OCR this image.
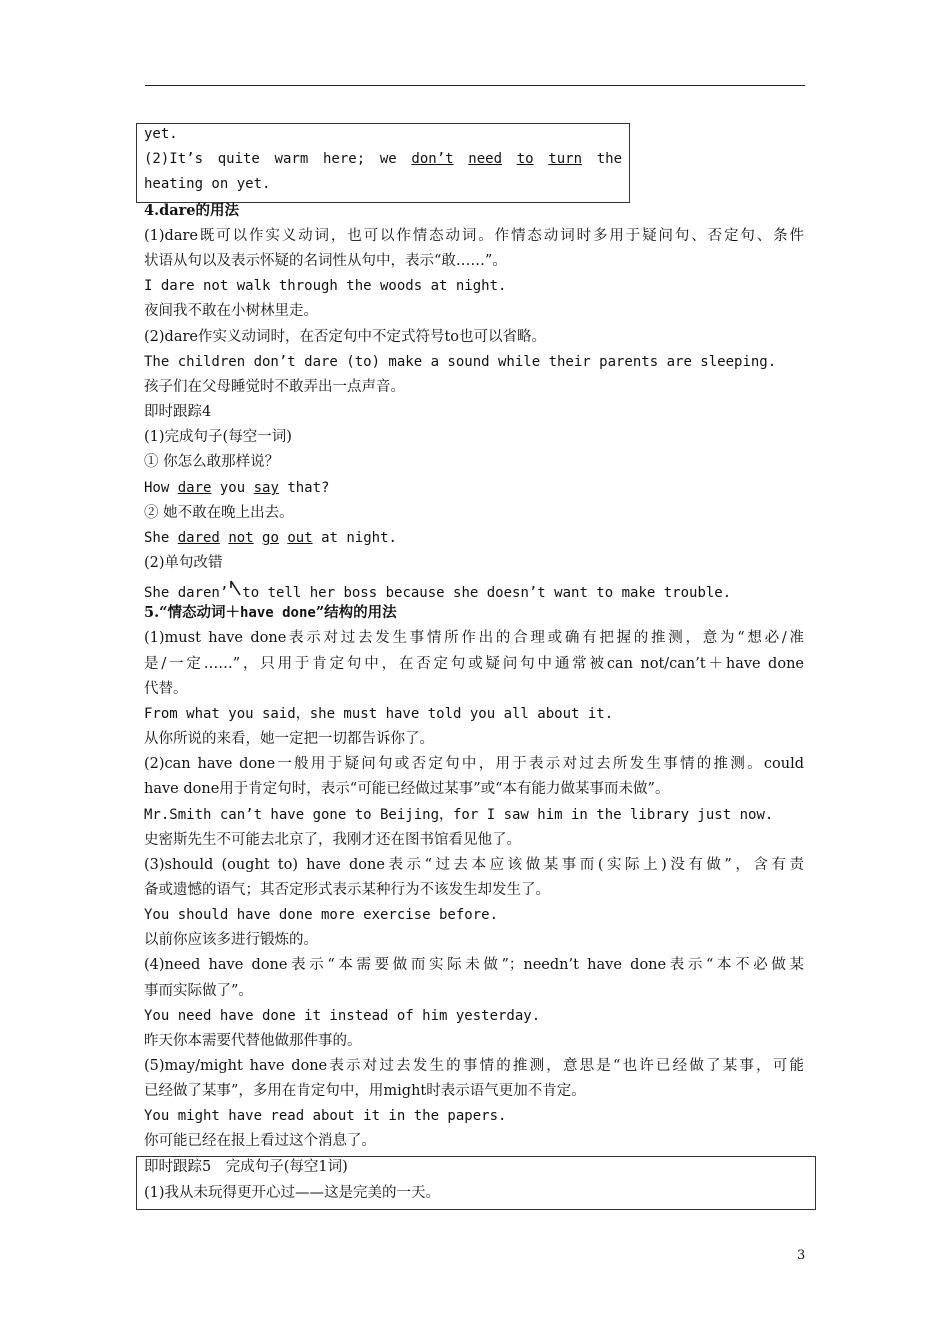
yet.
(2)It’s quite warm here; we don’t need to turn the
heating on yet.
4.dare的用法
(1)dare既可以作实义动词，也可以作情态动词。作情态动词时多用于疑问句、否定句、条件
状语从句以及表示怀疑的名词性从句中，表示“敢……”。
I dare not walk through the woods at night.
夜间我不敢在小树林里走。
(2)dare作实义动词时，在否定句中不定式符号to也可以省略。
The children don’t dare (to) make a sound while their parents are sleeping.
孩子们在父母睡觉时不敢弄出一点声音。
即时跟踪4
(1)完成句子(每空一词)
① 你怎么敢那样说？
How dare you say that?
② 她不敢在晚上出去。
She dared not go out at night.
(2)单句改错
She daren’ to tell her boss because she doesn’t want to make trouble.
5.“情态动词＋have done”结构的用法
(1)must have done表示对过去发生事情所作出的合理或确有把握的推测，意为“想必/准
是/一定……”，只用于肯定句中，在否定句或疑问句中通常被can not/can’t＋have done
代替。
From what you said，she must have told you all about it.
从你所说的来看，她一定把一切都告诉你了。
(2)can have done一般用于疑问句或否定句中，用于表示对过去所发生事情的推测。could
have done用于肯定句时，表示“可能已经做过某事”或“本有能力做某事而未做”。
Mr.Smith can’t have gone to Beijing，for I saw him in the library just now.
史密斯先生不可能去北京了，我刚才还在图书馆看见他了。
(3)should (ought to) have done表示“过去本应该做某事而(实际上)没有做”，含有责
备或遗憾的语气；其否定形式表示某种行为不该发生却发生了。
You should have done more exercise before.
以前你应该多进行锻炼的。
(4)need have done表示“本需要做而实际未做”；needn’t have done表示“本不必做某
事而实际做了”。
You need have done it instead of him yesterday.
昨天你本需要代替他做那件事的。
(5)may/might have done表示对过去发生的事情的推测，意思是“也许已经做了某事，可能
已经做了某事”，多用在肯定句中，用might时表示语气更加不肯定。
You might have read about it in the papers.
你可能已经在报上看过这个消息了。
即时跟踪5　完成句子(每空1词)
(1)我从未玩得更开心过——这是完美的一天。
3
